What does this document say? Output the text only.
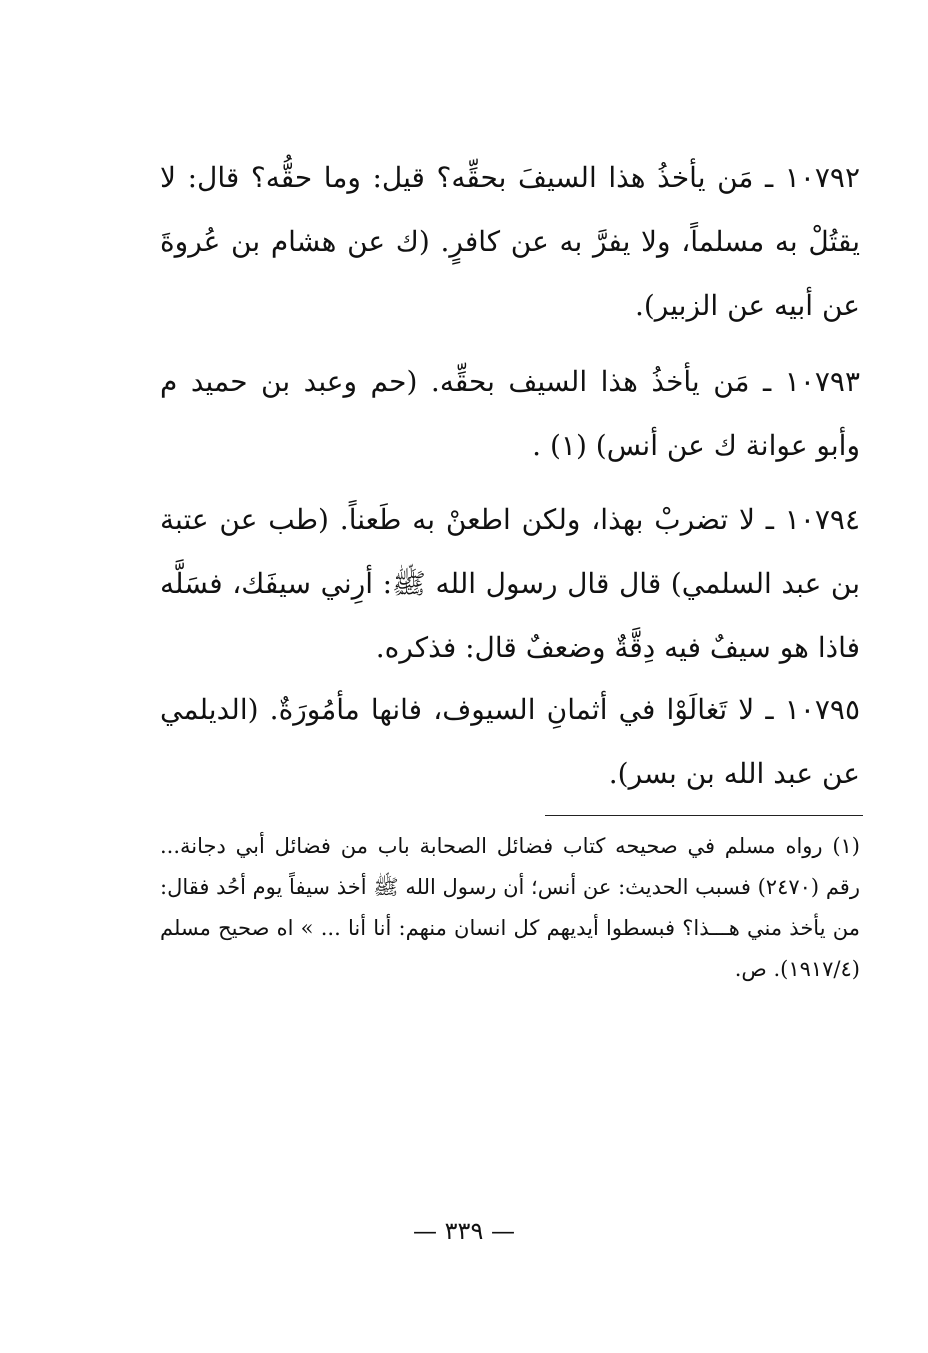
١٠٧٩٢ ـ مَن يأخذُ هذا السيفَ بحقِّه؟ قيل: وما حقُّه؟ قال: لا يقتُلْ به مسلماً، ولا يفرَّ به عن كافرٍ. (ك عن هشام بن عُروةَ عن أبيه عن الزبير).

١٠٧٩٣ ـ مَن يأخذُ هذا السيف بحقِّه. (حم وعبد بن حميد م وأبو عوانة ك عن أنس) (١) .

١٠٧٩٤ ـ لا تضربْ بهذا، ولكن اطعنْ به طَعناً. (طب عن عتبة بن عبد السلمي) قال قال رسول الله ﷺ: أرِني سيفَك، فسَلَّه فاذا هو سيفٌ فيه دِقَّةٌ وضعفٌ قال: فذكره.

١٠٧٩٥ ـ لا تَغالَوْا في أثمانِ السيوف، فانها مأمُورَةٌ. (الديلمي عن عبد الله بن بسر).

(١) رواه مسلم في صحيحه كتاب فضائل الصحابة باب من فضائل أبي دجانة... رقم (٢٤٧٠) فسبب الحديث: عن أنس؛ أن رسول الله ﷺ أخذ سيفاً يوم أحُد فقال: من يأخذ مني هـــذا؟ فبسطوا أيديهم كل انسان منهم: أنا أنا ... » اه صحيح مسلم (١٩١٧/٤). ص.

— ٣٣٩ —
